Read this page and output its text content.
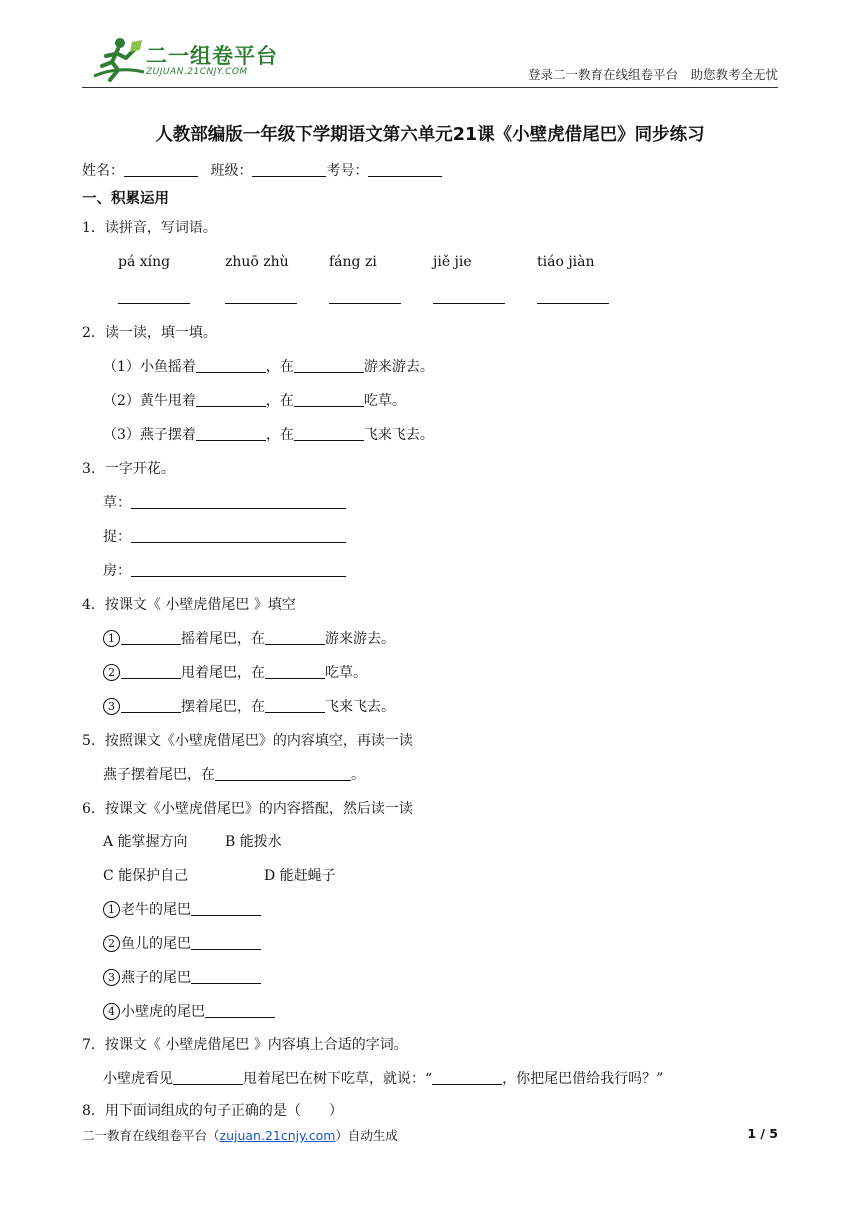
二一组卷平台
ZUJUAN.21CNJY.COM	登录二一教育在线组卷平台　助您教考全无忧
人教部编版一年级下学期语文第六单元21课《小壁虎借尾巴》同步练习
姓名：	班级：	考号：
一、积累运用
1．读拼音，写词语。
pá xíng	zhuō zhù	fáng zi	jiě jie	tiáo jiàn
2．读一读，填一填。
（1）小鱼摇着	，在	游来游去。
（2）黄牛甩着	，在	吃草。
（3）燕子摆着	，在	飞来飞去。
3．一字开花。
草：
捉：
房：
4．按课文《 小壁虎借尾巴 》填空
1	摇着尾巴，在	游来游去。
2	甩着尾巴，在	吃草。
3	摆着尾巴，在	飞来飞去。
5．按照课文《小壁虎借尾巴》的内容填空，再读一读
燕子摆着尾巴，在	。
6．按课文《小壁虎借尾巴》的内容搭配，然后读一读
A 能掌握方向	B 能拨水
C 能保护自己	D 能赶蝇子
1 老牛的尾巴
2 鱼儿的尾巴
3 燕子的尾巴
4 小壁虎的尾巴
7．按课文《 小壁虎借尾巴 》内容填上合适的字词。
小壁虎看见	甩着尾巴在树下吃草，就说：“	，你把尾巴借给我行吗？”
8．用下面词组成的句子正确的是（　　）
二一教育在线组卷平台（zujuan.21cnjy.com）自动生成	1 / 5
